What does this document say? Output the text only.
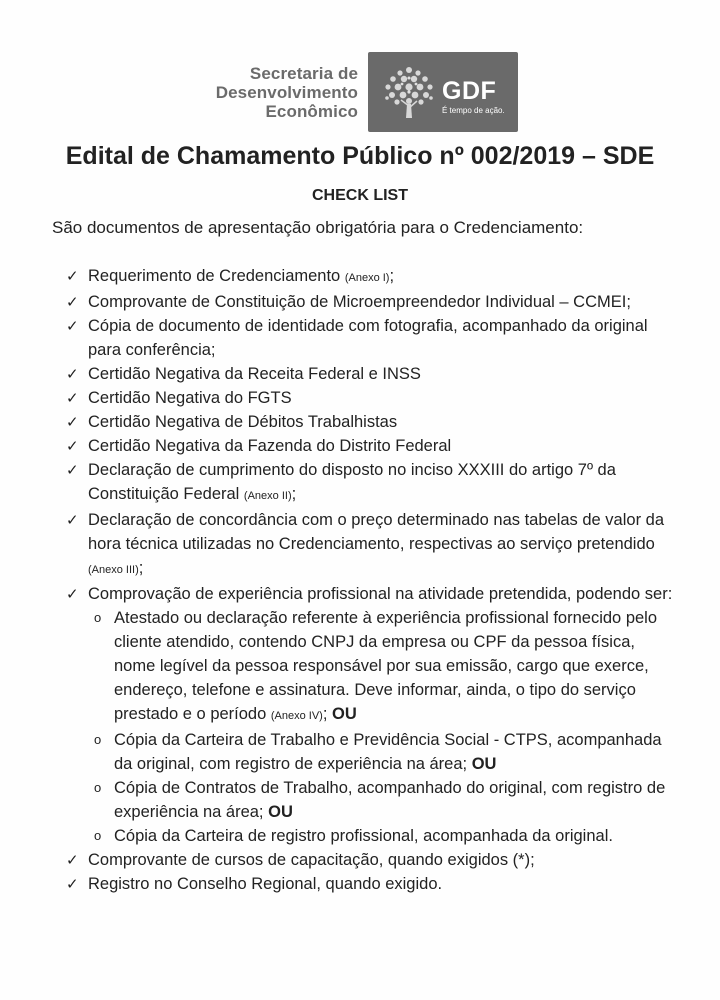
Secretaria de
Desenvolvimento
Econômico
GDF
É tempo de ação.
Edital de Chamamento Público nº 002/2019 – SDE
CHECK LIST
São documentos de apresentação obrigatória para o Credenciamento:
✓ Requerimento de Credenciamento (Anexo I);
✓ Comprovante de Constituição de Microempreendedor Individual – CCMEI;
✓ Cópia de documento de identidade com fotografia, acompanhado da original para conferência;
✓ Certidão Negativa da Receita Federal e INSS
✓ Certidão Negativa do FGTS
✓ Certidão Negativa de Débitos Trabalhistas
✓ Certidão Negativa da Fazenda do Distrito Federal
✓ Declaração de cumprimento do disposto no inciso XXXIII do artigo 7º da Constituição Federal (Anexo II);
✓ Declaração de concordância com o preço determinado nas tabelas de valor da hora técnica utilizadas no Credenciamento, respectivas ao serviço pretendido (Anexo III);
✓ Comprovação de experiência profissional na atividade pretendida, podendo ser:
o Atestado ou declaração referente à experiência profissional fornecido pelo cliente atendido, contendo CNPJ da empresa ou CPF da pessoa física, nome legível da pessoa responsável por sua emissão, cargo que exerce, endereço, telefone e assinatura. Deve informar, ainda, o tipo do serviço prestado e o período (Anexo IV); OU
o Cópia da Carteira de Trabalho e Previdência Social - CTPS, acompanhada da original, com registro de experiência na área; OU
o Cópia de Contratos de Trabalho, acompanhado do original, com registro de experiência na área; OU
o Cópia da Carteira de registro profissional, acompanhada da original.
✓ Comprovante de cursos de capacitação, quando exigidos (*);
✓ Registro no Conselho Regional, quando exigido.
